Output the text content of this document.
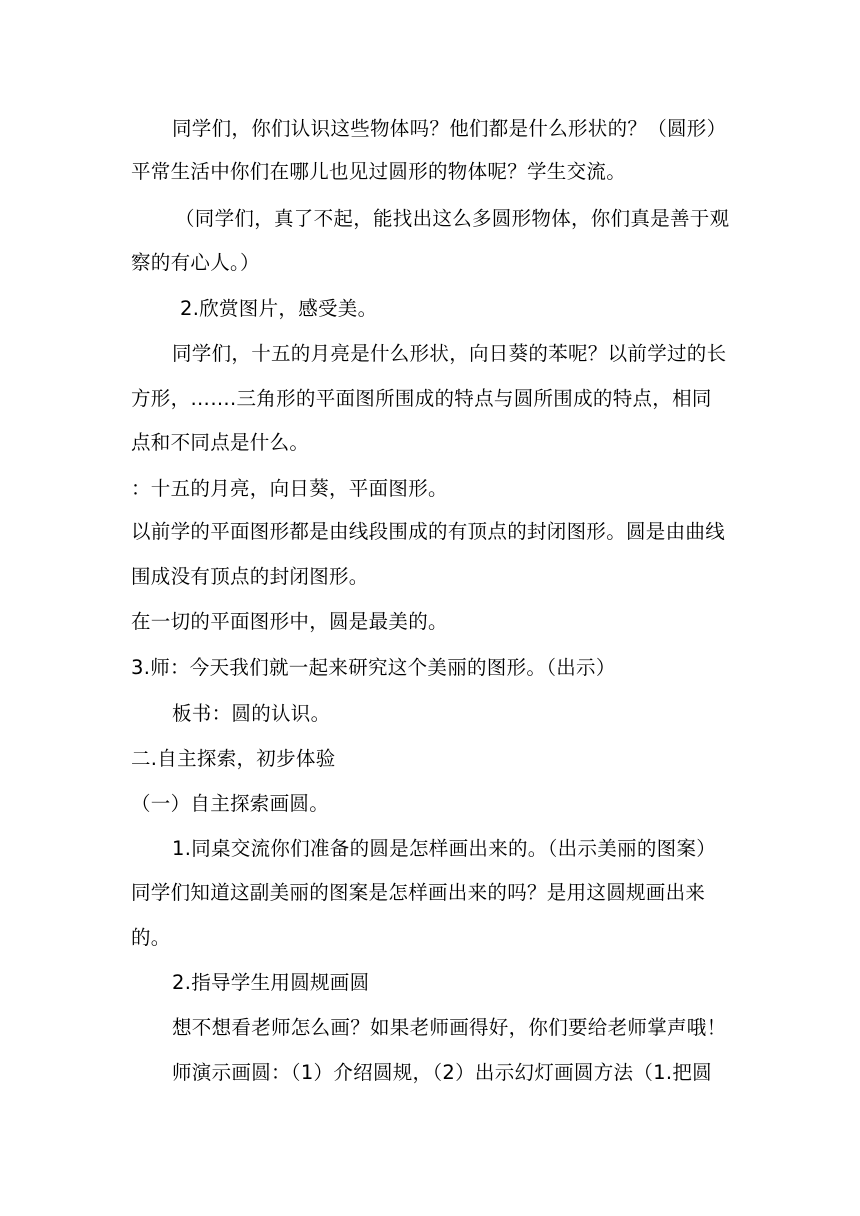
同学们，你们认识这些物体吗？他们都是什么形状的？（圆形）
平常生活中你们在哪儿也见过圆形的物体呢？学生交流。
（同学们，真了不起，能找出这么多圆形物体，你们真是善于观
察的有心人。）
2.欣赏图片，感受美。
同学们，十五的月亮是什么形状，向日葵的苯呢？以前学过的长
方形，…….三角形的平面图所围成的特点与圆所围成的特点，相同
点和不同点是什么。
：十五的月亮，向日葵，平面图形。
以前学的平面图形都是由线段围成的有顶点的封闭图形。圆是由曲线
围成没有顶点的封闭图形。
在一切的平面图形中，圆是最美的。
3.师：今天我们就一起来研究这个美丽的图形。（出示）
板书：圆的认识。
二.自主探索，初步体验
（一）自主探索画圆。
1.同桌交流你们准备的圆是怎样画出来的。（出示美丽的图案）
同学们知道这副美丽的图案是怎样画出来的吗？是用这圆规画出来
的。
2.指导学生用圆规画圆
想不想看老师怎么画？如果老师画得好，你们要给老师掌声哦！
师演示画圆：（1）介绍圆规，（2）出示幻灯画圆方法（1.把圆
